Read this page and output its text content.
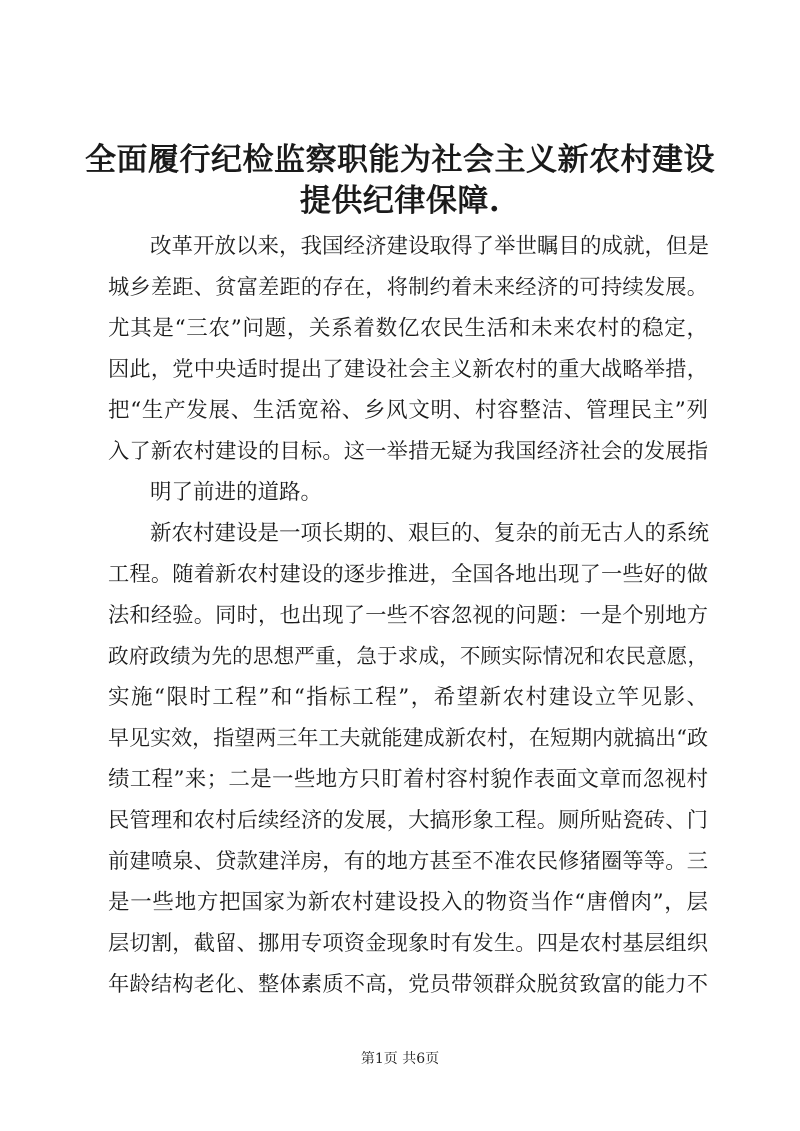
全面履行纪检监察职能为社会主义新农村建设
提供纪律保障.
改革开放以来，我国经济建设取得了举世瞩目的成就，但是
城乡差距、贫富差距的存在，将制约着未来经济的可持续发展。
尤其是“三农”问题，关系着数亿农民生活和未来农村的稳定，
因此，党中央适时提出了建设社会主义新农村的重大战略举措，
把“生产发展、生活宽裕、乡风文明、村容整洁、管理民主”列
入了新农村建设的目标。这一举措无疑为我国经济社会的发展指
明了前进的道路。
新农村建设是一项长期的、艰巨的、复杂的前无古人的系统
工程。随着新农村建设的逐步推进，全国各地出现了一些好的做
法和经验。同时，也出现了一些不容忽视的问题：一是个别地方
政府政绩为先的思想严重，急于求成，不顾实际情况和农民意愿，
实施“限时工程”和“指标工程”，希望新农村建设立竿见影、
早见实效，指望两三年工夫就能建成新农村，在短期内就搞出“政
绩工程”来；二是一些地方只盯着村容村貌作表面文章而忽视村
民管理和农村后续经济的发展，大搞形象工程。厕所贴瓷砖、门
前建喷泉、贷款建洋房，有的地方甚至不准农民修猪圈等等。三
是一些地方把国家为新农村建设投入的物资当作“唐僧肉”，层
层切割，截留、挪用专项资金现象时有发生。四是农村基层组织
年龄结构老化、整体素质不高，党员带领群众脱贫致富的能力不
第1页 共6页
